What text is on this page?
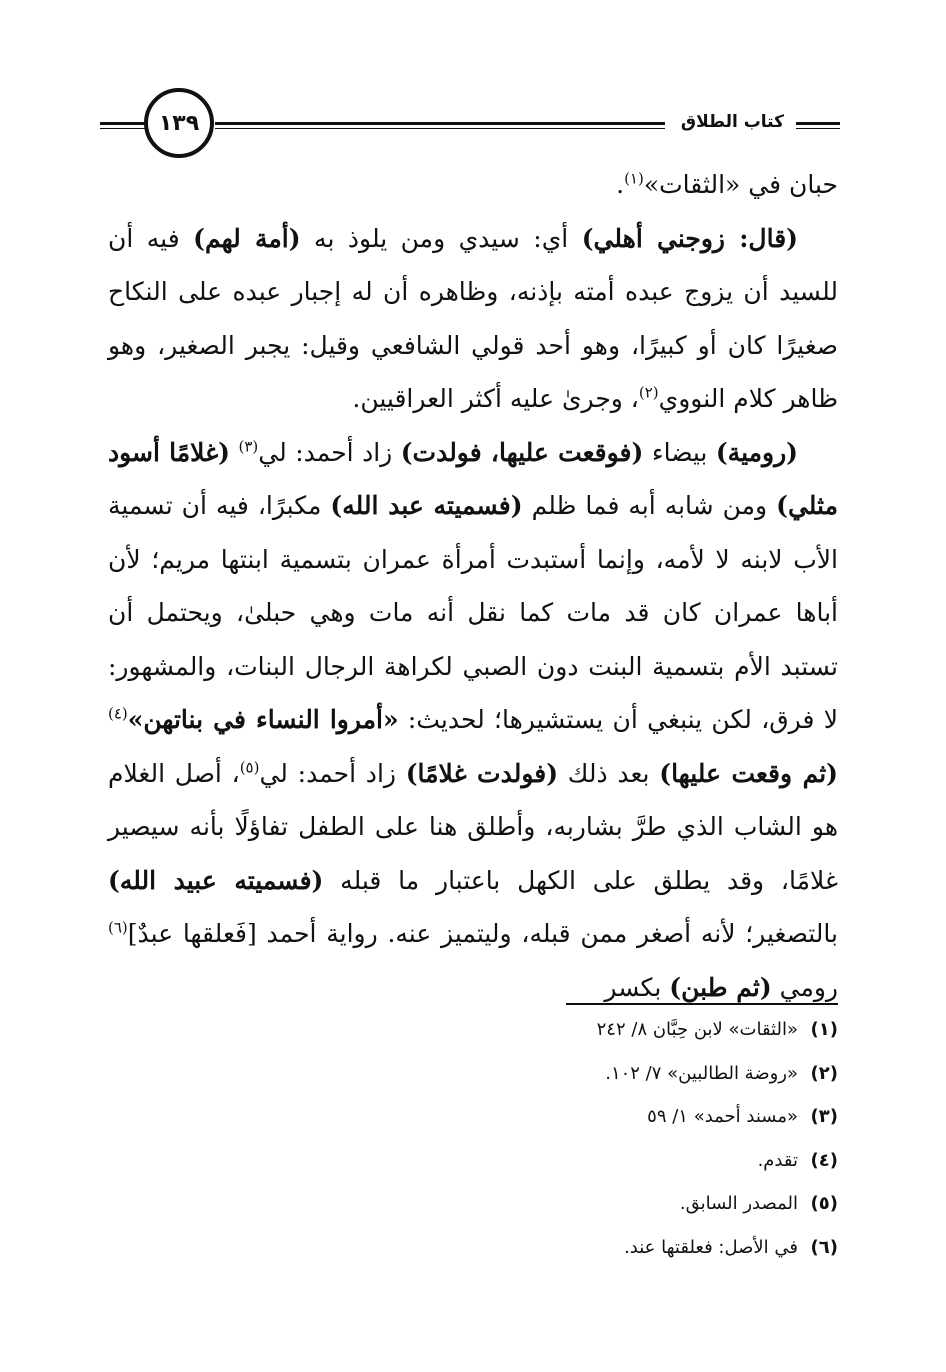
١٣٩	كتاب الطلاق

حبان في «الثقات»$^{(١)}$.

(قال: زوجني أهلي) أي: سيدي ومن يلوذ به (أمة لهم) فيه أن للسيد أن يزوج عبده أمته بإذنه، وظاهره أن له إجبار عبده على النكاح صغيرًا كان أو كبيرًا، وهو أحد قولي الشافعي وقيل: يجبر الصغير، وهو ظاهر كلام النووي$^{(٢)}$، وجرىٰ عليه أكثر العراقيين.

(رومية) بيضاء (فوقعت عليها، فولدت) زاد أحمد: لي$^{(٣)}$ (غلامًا أسود مثلي) ومن شابه أبه فما ظلم (فسميته عبد الله) مكبرًا، فيه أن تسمية الأب لابنه لا لأمه، وإنما أستبدت أمرأة عمران بتسمية ابنتها مريم؛ لأن أباها عمران كان قد مات كما نقل أنه مات وهي حبلىٰ، ويحتمل أن تستبد الأم بتسمية البنت دون الصبي لكراهة الرجال البنات، والمشهور: لا فرق، لكن ينبغي أن يستشيرها؛ لحديث: «أمروا النساء في بناتهن»$^{(٤)}$ (ثم وقعت عليها) بعد ذلك (فولدت غلامًا) زاد أحمد: لي$^{(٥)}$، أصل الغلام هو الشاب الذي طرَّ بشاربه، وأطلق هنا على الطفل تفاؤلًا بأنه سيصير غلامًا، وقد يطلق على الكهل باعتبار ما قبله (فسميته عبيد الله) بالتصغير؛ لأنه أصغر ممن قبله، وليتميز عنه. رواية أحمد [فَعلقها عبدٌ]$^{(٦)}$ رومي (ثم طبن) بكسر

(١)
«الثقات» لابن حِبَّان ٨/ ٢٤٢
(٢)
«روضة الطالبين» ٧/ ١٠٢.
(٣)
«مسند أحمد» ١/ ٥٩
(٤)
تقدم.
(٥)
المصدر السابق.
(٦)
في الأصل: فعلقتها عند.
